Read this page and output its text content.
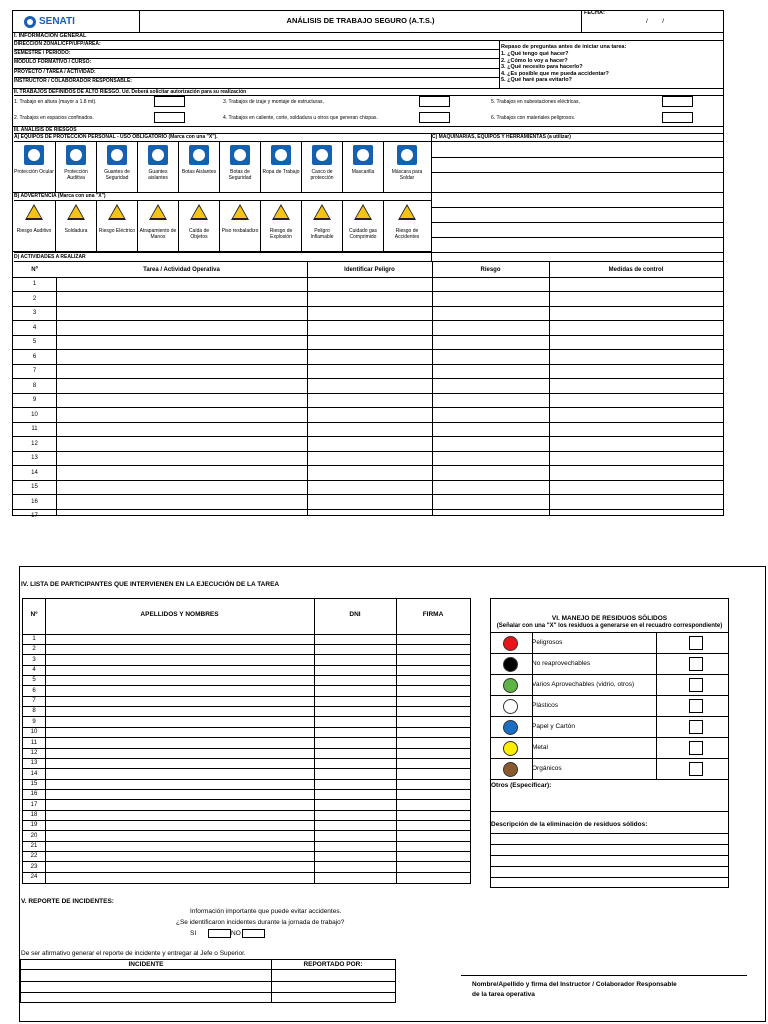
SENATI	ANÁLISIS DE TRABAJO SEGURO (A.T.S.)
FECHA:
/        /
I. INFORMACIÓN GENERAL
DIRECCIÓN ZONAL/CFP/UFP/ÁREA:
SEMESTRE / PERIODO:
MÓDULO FORMATIVO / CURSO:
PROYECTO / TAREA / ACTIVIDAD:
INSTRUCTOR / COLABORADOR RESPONSABLE:
Repaso de preguntas antes de iniciar una tarea:
1. ¿Qué tengo qué hacer?
2. ¿Cómo lo voy a hacer?
3. ¿Qué necesito para hacerlo?
4. ¿Es posible que me pueda accidentar?
5. ¿Qué haré para evitarlo?
II. TRABAJOS DEFINIDOS DE ALTO RIESGO. Ud. Deberá solicitar autorización para su realización
1. Trabajo en altura (mayor a 1.8 mt).	3. Trabajos de izaje y montaje de estructuras.	5. Trabajos en subestaciones eléctricas.
2. Trabajos en espacios confinados.	4. Trabajos en caliente, corte, soldadura u otros que generan chispas.	6. Trabajos con materiales peligrosos.
III. ANÁLISIS DE RIESGOS
A) EQUIPOS DE PROTECCIÓN PERSONAL - USO OBLIGATORIO (Marca con una "X").	C) MAQUINARIAS, EQUIPOS Y HERRAMIENTAS (a utilizar)
Protección Ocular	Protección Auditiva
Guantes de Seguridad
Guantes aislantes
Botas Aislantes	Botas de Seguridad
Ropa de Trabajo	Casco de protección
Mascarilla	Máscara para Soldar
B) ADVERTENCIA (Marca con una "X")
Riesgo Auditivo	Soldadura	Riesgo Eléctrico Atrapamiento de Manos
Caída de Objetos
Piso resbaladizo	Riesgo de Explosión
Peligro Inflamable
Cuidado gas Comprimido
Riesgo de Accidentes
D) ACTIVIDADES A REALIZAR
Nº	Tarea / Actividad Operativa	Identificar Peligro	Riesgo	Medidas de control
1
2
3
4
5
6
7
8
9
10
11
12
13
14
15
16
17
IV. LISTA DE PARTICIPANTES QUE INTERVIENEN EN LA EJECUCIÓN DE LA TAREA
Nº	APELLIDOS Y NOMBRES	DNI	FIRMA
1
2
3
4
5
6
7
8
9
10
11
12
13
14
15
16
17
18
19
20
21
22
23
24
VI. MANEJO DE RESIDUOS SÓLIDOS
(Señalar con una "X" los residuos a generarse en el recuadro correspondiente)
Peligrosos
No reaprovechables
Varios Aprovechables (vidrio, otros)
Plásticos
Papel y Cartón
Metal
Orgánicos
Otros (Especificar):
Descripción de la eliminación de residuos sólidos:
V. REPORTE DE INCIDENTES:
Información importante que puede evitar accidentes.
¿Se identificaron incidentes durante la jornada de trabajo?
SI	NO
De ser afirmativo generar el reporte de incidente y entregar al Jefe o Superior.
INCIDENTE	REPORTADO POR:
Nombre/Apellido y firma del Instructor / Colaborador Responsable
de la tarea operativa
